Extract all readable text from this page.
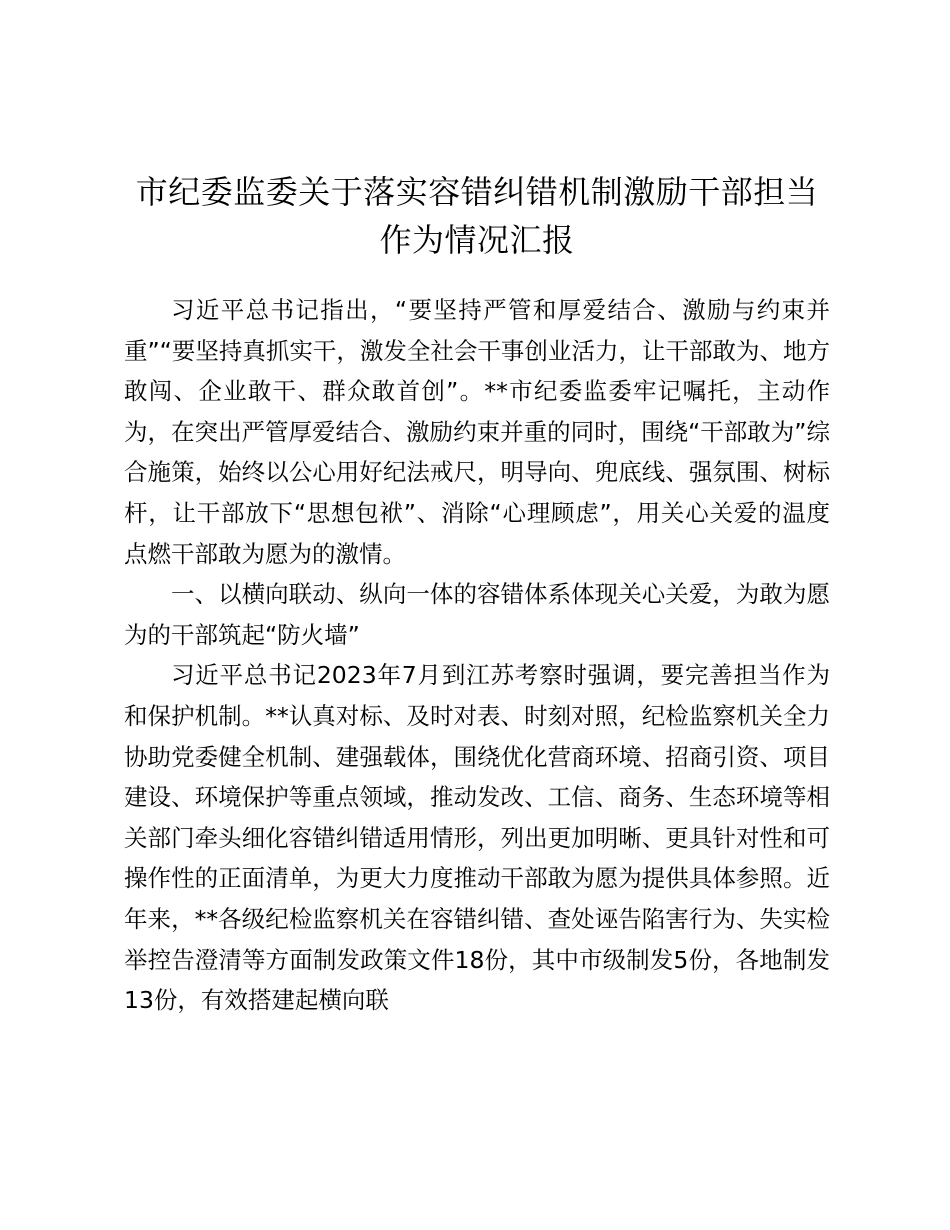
市纪委监委关于落实容错纠错机制激励干部担当作为情况汇报

习近平总书记指出，“要坚持严管和厚爱结合、激励与约束并重”“要坚持真抓实干，激发全社会干事创业活力，让干部敢为、地方敢闯、企业敢干、群众敢首创”。**市纪委监委牢记嘱托，主动作为，在突出严管厚爱结合、激励约束并重的同时，围绕“干部敢为”综合施策，始终以公心用好纪法戒尺，明导向、兜底线、强氛围、树标杆，让干部放下“思想包袱”、消除“心理顾虑”，用关心关爱的温度点燃干部敢为愿为的激情。

一、以横向联动、纵向一体的容错体系体现关心关爱，为敢为愿为的干部筑起“防火墙”

习近平总书记2023年7月到江苏考察时强调，要完善担当作为和保护机制。**认真对标、及时对表、时刻对照，纪检监察机关全力协助党委健全机制、建强载体，围绕优化营商环境、招商引资、项目建设、环境保护等重点领域，推动发改、工信、商务、生态环境等相关部门牵头细化容错纠错适用情形，列出更加明晰、更具针对性和可操作性的正面清单，为更大力度推动干部敢为愿为提供具体参照。近年来，**各级纪检监察机关在容错纠错、查处诬告陷害行为、失实检举控告澄清等方面制发政策文件18份，其中市级制发5份，各地制发13份，有效搭建起横向联
